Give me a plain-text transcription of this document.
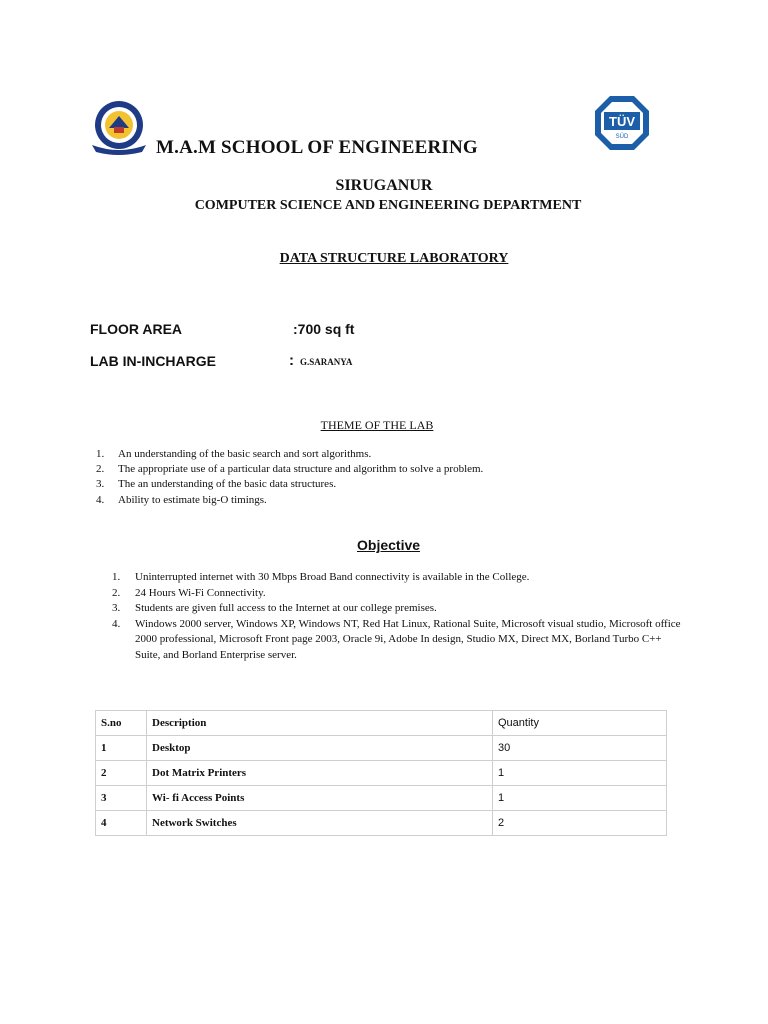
TÜV
SÜD
M.A.M SCHOOL OF ENGINEERING
SIRUGANUR
COMPUTER SCIENCE AND ENGINEERING DEPARTMENT
DATA STRUCTURE LABORATORY
FLOOR AREA	:700 sq ft
LAB IN-INCHARGE	: G.SARANYA
THEME OF THE LAB
1.	An understanding of the basic search and sort algorithms.
2.	The appropriate use of a particular data structure and algorithm to solve a problem.
3.	The an understanding of the basic data structures.
4.	Ability to estimate big-O timings.
Objective
1.	Uninterrupted internet with 30 Mbps Broad Band connectivity is available in the College.
2.	24 Hours Wi-Fi Connectivity.
3.	Students are given full access to the Internet at our college premises.
4.	Windows 2000 server, Windows XP, Windows NT, Red Hat Linux, Rational Suite, Microsoft visual studio, Microsoft office 2000 professional, Microsoft Front page 2003, Oracle 9i, Adobe In design, Studio MX, Direct MX, Borland Turbo C++ Suite, and Borland Enterprise server.
S.no	Description	Quantity
1	Desktop	30
2	Dot Matrix Printers	1
3	Wi- fi Access Points	1
4	Network Switches	2
